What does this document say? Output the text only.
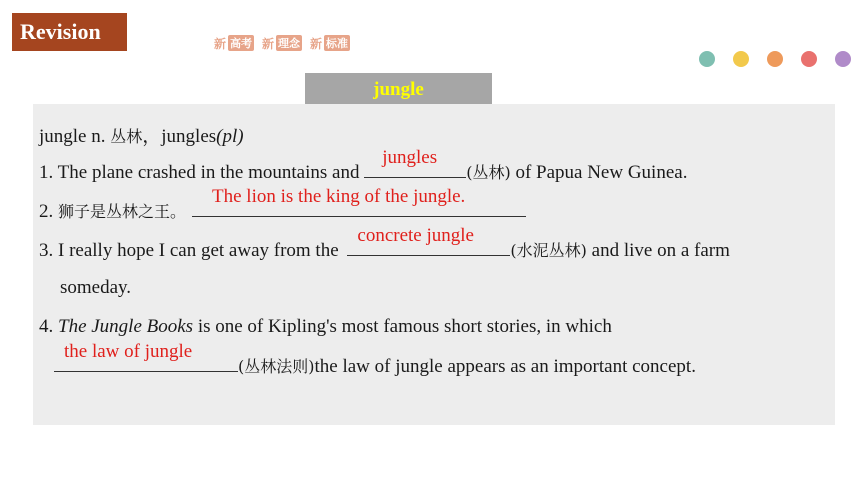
Revision	新 高考 新 理念 新 标准
jungle
jungle n. 丛林，jungles(pl)
1. The plane crashed in the mountains and
jungles
(丛林) of Papua New Guinea.
2. 狮子是丛林之王。
The lion is the king of the jungle.
3. I really hope I can get away from the
concrete jungle
(水泥丛林) and live on a farm
someday.
4. The Jungle Books is one of Kipling's most famous short stories, in which
the law of jungle
(丛林法则)the law of jungle appears as an important concept.
